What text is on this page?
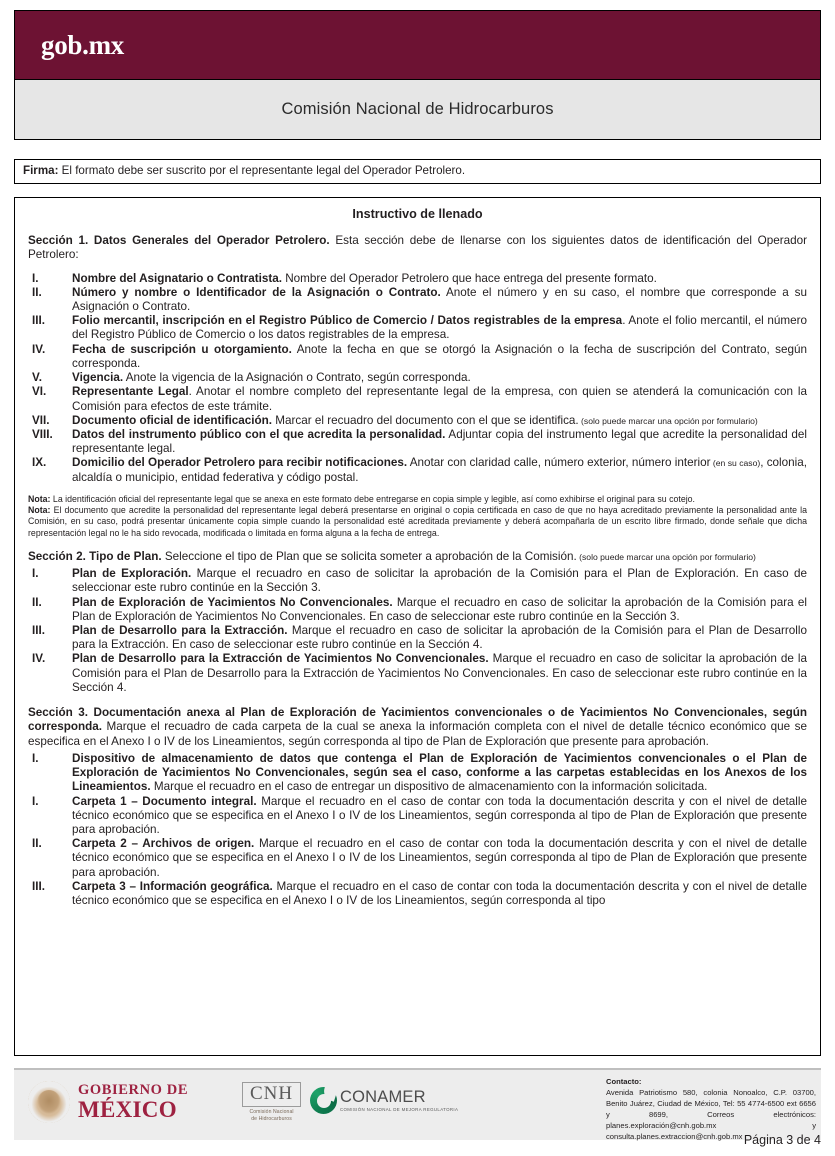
gob.mx
Comisión Nacional de Hidrocarburos
Firma: El formato debe ser suscrito por el representante legal del Operador Petrolero.
Instructivo de llenado

Sección 1. Datos Generales del Operador Petrolero. Esta sección debe de llenarse con los siguientes datos de identificación del Operador Petrolero:

I.	Nombre del Asignatario o Contratista. Nombre del Operador Petrolero que hace entrega del presente formato.
II.	Número y nombre o Identificador de la Asignación o Contrato. Anote el número y en su caso, el nombre que corresponde a su Asignación o Contrato.
III.	Folio mercantil, inscripción en el Registro Público de Comercio / Datos registrables de la empresa. Anote el folio mercantil, el número del Registro Público de Comercio o los datos registrables de la empresa.
IV.	Fecha de suscripción u otorgamiento. Anote la fecha en que se otorgó la Asignación o la fecha de suscripción del Contrato, según corresponda.
V.	Vigencia. Anote la vigencia de la Asignación o Contrato, según corresponda.
VI.	Representante Legal. Anotar el nombre completo del representante legal de la empresa, con quien se atenderá la comunicación con la Comisión para efectos de este trámite.
VII.	Documento oficial de identificación. Marcar el recuadro del documento con el que se identifica. (solo puede marcar una opción por formulario)
VIII.	Datos del instrumento público con el que acredita la personalidad. Adjuntar copia del instrumento legal que acredite la personalidad del representante legal.
IX.	Domicilio del Operador Petrolero para recibir notificaciones. Anotar con claridad calle, número exterior, número interior (en su caso), colonia, alcaldía o municipio, entidad federativa y código postal.

Nota: La identificación oficial del representante legal que se anexa en este formato debe entregarse en copia simple y legible, así como exhibirse el original para su cotejo.

Nota: El documento que acredite la personalidad del representante legal deberá presentarse en original o copia certificada en caso de que no haya acreditado previamente la personalidad ante la Comisión, en su caso, podrá presentar únicamente copia simple cuando la personalidad esté acreditada previamente y deberá acompañarla de un escrito libre firmado, donde señale que dicha representación legal no le ha sido revocada, modificada o limitada en forma alguna a la fecha de entrega.

Sección 2. Tipo de Plan. Seleccione el tipo de Plan que se solicita someter a aprobación de la Comisión. (solo puede marcar una opción por formulario)

I.	Plan de Exploración. Marque el recuadro en caso de solicitar la aprobación de la Comisión para el Plan de Exploración. En caso de seleccionar este rubro continúe en la Sección 3.
II.	Plan de Exploración de Yacimientos No Convencionales. Marque el recuadro en caso de solicitar la aprobación de la Comisión para el Plan de Exploración de Yacimientos No Convencionales. En caso de seleccionar este rubro continúe en la Sección 3.
III.	Plan de Desarrollo para la Extracción. Marque el recuadro en caso de solicitar la aprobación de la Comisión para el Plan de Desarrollo para la Extracción. En caso de seleccionar este rubro continúe en la Sección 4.
IV.	Plan de Desarrollo para la Extracción de Yacimientos No Convencionales. Marque el recuadro en caso de solicitar la aprobación de la Comisión para el Plan de Desarrollo para la Extracción de Yacimientos No Convencionales. En caso de seleccionar este rubro continúe en la Sección 4.

Sección 3. Documentación anexa al Plan de Exploración de Yacimientos convencionales o de Yacimientos No Convencionales, según corresponda. Marque el recuadro de cada carpeta de la cual se anexa la información completa con el nivel de detalle técnico económico que se especifica en el Anexo I o IV de los Lineamientos, según corresponda al tipo de Plan de Exploración que presente para aprobación.

I.	Dispositivo de almacenamiento de datos que contenga el Plan de Exploración de Yacimientos convencionales o el Plan de Exploración de Yacimientos No Convencionales, según sea el caso, conforme a las carpetas establecidas en los Anexos de los Lineamientos. Marque el recuadro en el caso de entregar un dispositivo de almacenamiento con la información solicitada.
I.	Carpeta 1 – Documento integral. Marque el recuadro en el caso de contar con toda la documentación descrita y con el nivel de detalle técnico económico que se especifica en el Anexo I o IV de los Lineamientos, según corresponda al tipo de Plan de Exploración que presente para aprobación.
II.	Carpeta 2 – Archivos de origen. Marque el recuadro en el caso de contar con toda la documentación descrita y con el nivel de detalle técnico económico que se especifica en el Anexo I o IV de los Lineamientos, según corresponda al tipo de Plan de Exploración que presente para aprobación.
III.	Carpeta 3 – Información geográfica. Marque el recuadro en el caso de contar con toda la documentación descrita y con el nivel de detalle técnico económico que se especifica en el Anexo I o IV de los Lineamientos, según corresponda al tipo
GOBIERNO DE
MÉXICO
CNH
Comisión Nacional
de Hidrocarburos
CONAMER
COMISIÓN NACIONAL DE MEJORA REGULATORIA
Contacto:
Avenida Patriotismo 580, colonia Nonoalco, C.P. 03700, Benito Juárez, Ciudad de México, Tel: 55 4774-6500 ext 6656 y 8699, Correos electrónicos: planes.exploración@cnh.gob.mx y consulta.planes.extraccion@cnh.gob.mx Página 3 de 4
